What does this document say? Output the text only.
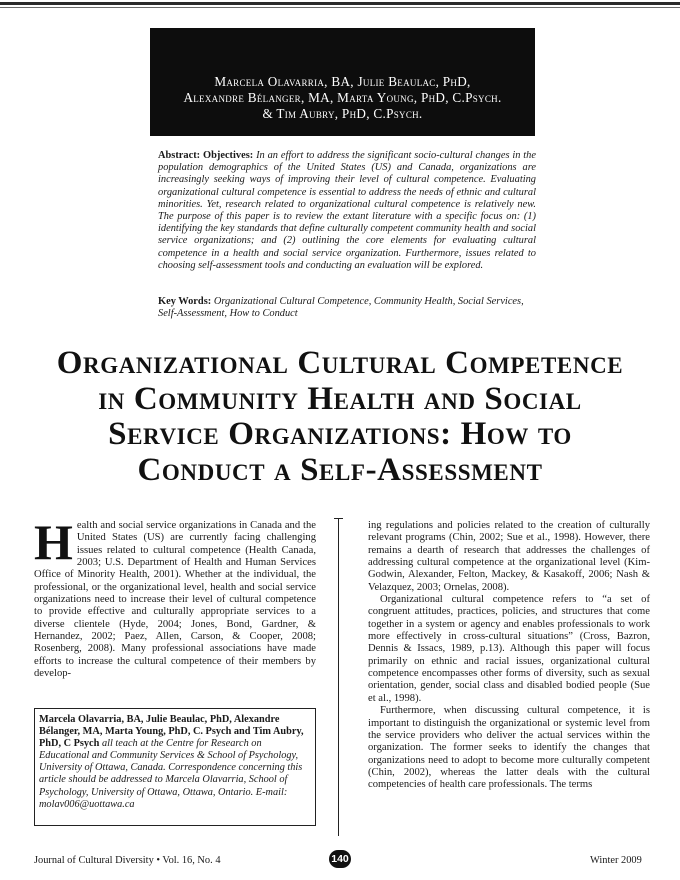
Marcela Olavarria, BA, Julie Beaulac, PhD,
Alexandre Bélanger, MA, Marta Young, PhD, C.Psych.
& Tim Aubry, PhD, C.Psych.
Abstract: Objectives: In an effort to address the significant socio-cultural changes in the population demographics of the United States (US) and Canada, organizations are increasingly seeking ways of improving their level of cultural competence. Evaluating organizational cultural competence is essential to address the needs of ethnic and cultural minorities. Yet, research related to organizational cultural competence is relatively new. The purpose of this paper is to review the extant literature with a specific focus on: (1) identifying the key standards that define culturally competent community health and social service organizations; and (2) outlining the core elements for evaluating cultural competence in a health and social service organization. Furthermore, issues related to choosing self-assessment tools and conducting an evaluation will be explored.
Key Words: Organizational Cultural Competence, Community Health, Social Services, Self-Assessment, How to Conduct
Organizational Cultural Competence
in Community Health and Social
Service Organizations: How to
Conduct a Self-Assessment

Health and social service organizations in Canada and the United States (US) are currently facing challenging issues related to cultural competence (Health Canada, 2003; U.S. Department of Health and Human Services Office of Minority Health, 2001). Whether at the individual, the professional, or the organizational level, health and social service organizations need to increase their level of cultural competence to provide effective and culturally appropriate services to a diverse clientele (Hyde, 2004; Jones, Bond, Gardner, & Hernandez, 2002; Paez, Allen, Carson, & Cooper, 2008; Rosenberg, 2008). Many professional associations have made efforts to increase the cultural competence of their members by develop-

ing regulations and policies related to the creation of culturally relevant programs (Chin, 2002; Sue et al., 1998). However, there remains a dearth of research that addresses the challenges of addressing cultural competence at the organizational level (Kim-Godwin, Alexander, Felton, Mackey, & Kasakoff, 2006; Nash & Velazquez, 2003; Ornelas, 2008).

Organizational cultural competence refers to “a set of congruent attitudes, practices, policies, and structures that come together in a system or agency and enables professionals to work more effectively in cross-cultural situations” (Cross, Bazron, Dennis & Issacs, 1989, p.13). Although this paper will focus primarily on ethnic and racial issues, organizational cultural competence encompasses other forms of diversity, such as sexual orientation, gender, social class and disabled bodied people (Sue et al., 1998).

Furthermore, when discussing cultural competence, it is important to distinguish the organizational or systemic level from the service providers who deliver the actual services within the organization. The former seeks to identify the changes that organizations need to adopt to become more culturally competent (Chin, 2002), whereas the latter deals with the cultural competencies of health care professionals. The terms

Marcela Olavarria, BA, Julie Beaulac, PhD, Alexandre Bélanger, MA, Marta Young, PhD, C. Psych and Tim Aubry, PhD, C Psych all teach at the Centre for Research on Educational and Community Services & School of Psychology, University of Ottawa, Canada. Correspondence concerning this article should be addressed to Marcela Olavarria, School of Psychology, University of Ottawa, Ottawa, Ontario. E-mail: molav006@uottawa.ca
Journal of Cultural Diversity • Vol. 16, No. 4	140	Winter 2009
